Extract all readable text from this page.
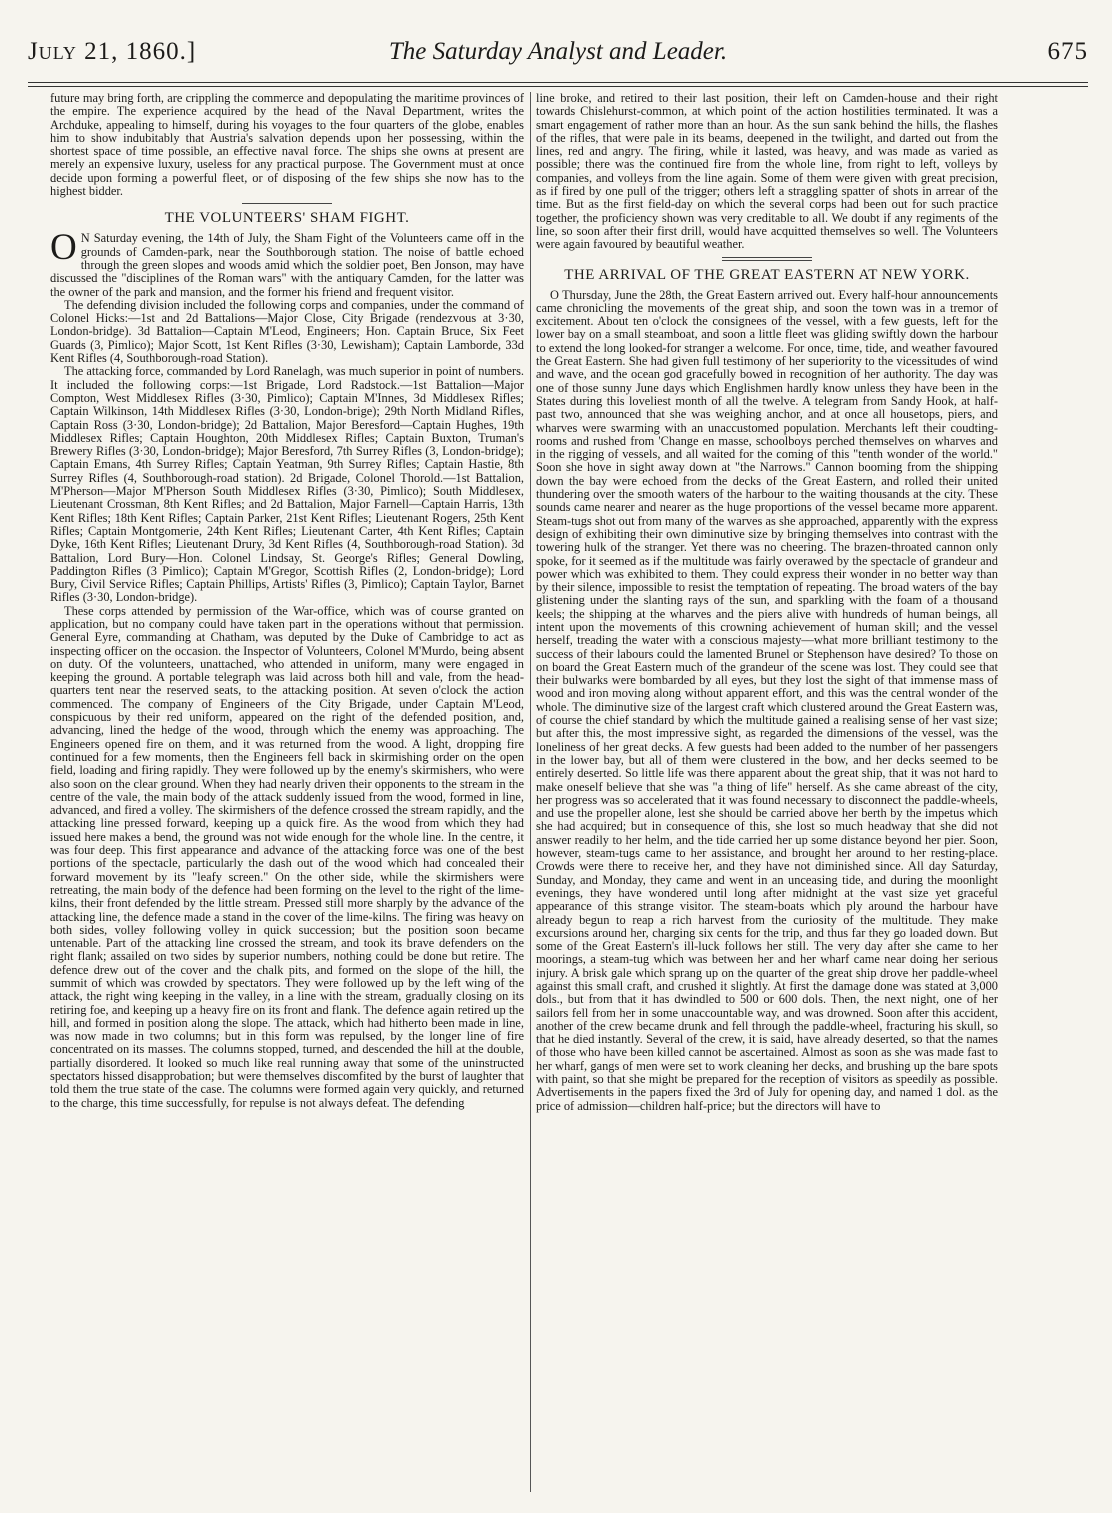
July 21, 1860.]	The Saturday Analyst and Leader.	675

future may bring forth, are crippling the commerce and depopulating the maritime provinces of the empire. The experience acquired by the head of the Naval Department, writes the Archduke, appealing to himself, during his voyages to the four quarters of the globe, enables him to show indubitably that Austria's salvation depends upon her possessing, within the shortest space of time possible, an effective naval force. The ships she owns at present are merely an expensive luxury, useless for any practical purpose. The Government must at once decide upon forming a powerful fleet, or of disposing of the few ships she now has to the highest bidder.

THE VOLUNTEERS' SHAM FIGHT.

O N Saturday evening, the 14th of July, the Sham Fight of the Volunteers came off in the grounds of Camden-park, near the Southborough station. The noise of battle echoed through the green slopes and woods amid which the soldier poet, Ben Jonson, may have discussed the "disciplines of the Roman wars" with the antiquary Camden, for the latter was the owner of the park and mansion, and the former his friend and frequent visitor.

The defending division included the following corps and companies, under the command of Colonel Hicks:—1st and 2d Battalions—Major Close, City Brigade (rendezvous at 3·30, London-bridge). 3d Battalion—Captain M'Leod, Engineers; Hon. Captain Bruce, Six Feet Guards (3, Pimlico); Major Scott, 1st Kent Rifles (3·30, Lewisham); Captain Lamborde, 33d Kent Rifles (4, Southborough-road Station).

The attacking force, commanded by Lord Ranelagh, was much superior in point of numbers. It included the following corps:—1st Brigade, Lord Radstock.—1st Battalion—Major Compton, West Middlesex Rifles (3·30, Pimlico); Captain M'Innes, 3d Middlesex Rifles; Captain Wilkinson, 14th Middlesex Rifles (3·30, London-brige); 29th North Midland Rifles, Captain Ross (3·30, London-bridge); 2d Battalion, Major Beresford—Captain Hughes, 19th Middlesex Rifles; Captain Houghton, 20th Middlesex Rifles; Captain Buxton, Truman's Brewery Rifles (3·30, London-bridge); Major Beresford, 7th Surrey Rifles (3, London-bridge); Captain Emans, 4th Surrey Rifles; Captain Yeatman, 9th Surrey Rifles; Captain Hastie, 8th Surrey Rifles (4, Southborough-road station). 2d Brigade, Colonel Thorold.—1st Battalion, M'Pherson—Major M'Pherson South Middlesex Rifles (3·30, Pimlico); South Middlesex, Lieutenant Crossman, 8th Kent Rifles; and 2d Battalion, Major Farnell—Captain Harris, 13th Kent Rifles; 18th Kent Rifles; Captain Parker, 21st Kent Rifles; Lieutenant Rogers, 25th Kent Rifles; Captain Montgomerie, 24th Kent Rifles; Lieutenant Carter, 4th Kent Rifles; Captain Dyke, 16th Kent Rifles; Lieutenant Drury, 3d Kent Rifles (4, Southborough-road Station). 3d Battalion, Lord Bury—Hon. Colonel Lindsay, St. George's Rifles; General Dowling, Paddington Rifles (3 Pimlico); Captain M'Gregor, Scottish Rifles (2, London-bridge); Lord Bury, Civil Service Rifles; Captain Phillips, Artists' Rifles (3, Pimlico); Captain Taylor, Barnet Rifles (3·30, London-bridge).

These corps attended by permission of the War-office, which was of course granted on application, but no company could have taken part in the operations without that permission. General Eyre, commanding at Chatham, was deputed by the Duke of Cambridge to act as inspecting officer on the occasion. the Inspector of Volunteers, Colonel M'Murdo, being absent on duty. Of the volunteers, unattached, who attended in uniform, many were engaged in keeping the ground. A portable telegraph was laid across both hill and vale, from the head-quarters tent near the reserved seats, to the attacking position. At seven o'clock the action commenced. The company of Engineers of the City Brigade, under Captain M'Leod, conspicuous by their red uniform, appeared on the right of the defended position, and, advancing, lined the hedge of the wood, through which the enemy was approaching. The Engineers opened fire on them, and it was returned from the wood. A light, dropping fire continued for a few moments, then the Engineers fell back in skirmishing order on the open field, loading and firing rapidly. They were followed up by the enemy's skirmishers, who were also soon on the clear ground. When they had nearly driven their opponents to the stream in the centre of the vale, the main body of the attack suddenly issued from the wood, formed in line, advanced, and fired a volley. The skirmishers of the defence crossed the stream rapidly, and the attacking line pressed forward, keeping up a quick fire. As the wood from which they had issued here makes a bend, the ground was not wide enough for the whole line. In the centre, it was four deep. This first appearance and advance of the attacking force was one of the best portions of the spectacle, particularly the dash out of the wood which had concealed their forward movement by its "leafy screen." On the other side, while the skirmishers were retreating, the main body of the defence had been forming on the level to the right of the lime-kilns, their front defended by the little stream. Pressed still more sharply by the advance of the attacking line, the defence made a stand in the cover of the lime-kilns. The firing was heavy on both sides, volley following volley in quick succession; but the position soon became untenable. Part of the attacking line crossed the stream, and took its brave defenders on the right flank; assailed on two sides by superior numbers, nothing could be done but retire. The defence drew out of the cover and the chalk pits, and formed on the slope of the hill, the summit of which was crowded by spectators. They were followed up by the left wing of the attack, the right wing keeping in the valley, in a line with the stream, gradually closing on its retiring foe, and keeping up a heavy fire on its front and flank. The defence again retired up the hill, and formed in position along the slope. The attack, which had hitherto been made in line, was now made in two columns; but in this form was repulsed, by the longer line of fire concentrated on its masses. The columns stopped, turned, and descended the hill at the double, partially disordered. It looked so much like real running away that some of the uninstructed spectators hissed disapprobation; but were themselves discomfited by the burst of laughter that told them the true state of the case. The columns were formed again very quickly, and returned to the charge, this time successfully, for repulse is not always defeat. The defending

line broke, and retired to their last position, their left on Camden-house and their right towards Chislehurst-common, at which point of the action hostilities terminated. It was a smart engagement of rather more than an hour. As the sun sank behind the hills, the flashes of the rifles, that were pale in its beams, deepened in the twilight, and darted out from the lines, red and angry. The firing, while it lasted, was heavy, and was made as varied as possible; there was the continued fire from the whole line, from right to left, volleys by companies, and volleys from the line again. Some of them were given with great precision, as if fired by one pull of the trigger; others left a straggling spatter of shots in arrear of the time. But as the first field-day on which the several corps had been out for such practice together, the proficiency shown was very creditable to all. We doubt if any regiments of the line, so soon after their first drill, would have acquitted themselves so well. The Volunteers were again favoured by beautiful weather.

THE ARRIVAL OF THE GREAT EASTERN AT NEW YORK.

O Thursday, June the 28th, the Great Eastern arrived out. Every half-hour announcements came chronicling the movements of the great ship, and soon the town was in a tremor of excitement. About ten o'clock the consignees of the vessel, with a few guests, left for the lower bay on a small steamboat, and soon a little fleet was gliding swiftly down the harbour to extend the long looked-for stranger a welcome. For once, time, tide, and weather favoured the Great Eastern. She had given full testimony of her superiority to the vicessitudes of wind and wave, and the ocean god gracefully bowed in recognition of her authority. The day was one of those sunny June days which Englishmen hardly know unless they have been in the States during this loveliest month of all the twelve. A telegram from Sandy Hook, at half-past two, announced that she was weighing anchor, and at once all housetops, piers, and wharves were swarming with an unaccustomed population. Merchants left their coudting-rooms and rushed from 'Change en masse, schoolboys perched themselves on wharves and in the rigging of vessels, and all waited for the coming of this "tenth wonder of the world." Soon she hove in sight away down at "the Narrows." Cannon booming from the shipping down the bay were echoed from the decks of the Great Eastern, and rolled their united thundering over the smooth waters of the harbour to the waiting thousands at the city. These sounds came nearer and nearer as the huge proportions of the vessel became more apparent. Steam-tugs shot out from many of the warves as she approached, apparently with the express design of exhibiting their own diminutive size by bringing themselves into contrast with the towering hulk of the stranger. Yet there was no cheering. The brazen-throated cannon only spoke, for it seemed as if the multitude was fairly overawed by the spectacle of grandeur and power which was exhibited to them. They could express their wonder in no better way than by their silence, impossible to resist the temptation of repeating. The broad waters of the bay glistening under the slanting rays of the sun, and sparkling with the foam of a thousand keels; the shipping at the wharves and the piers alive with hundreds of human beings, all intent upon the movements of this crowning achievement of human skill; and the vessel herself, treading the water with a conscious majesty—what more brilliant testimony to the success of their labours could the lamented Brunel or Stephenson have desired? To those on on board the Great Eastern much of the grandeur of the scene was lost. They could see that their bulwarks were bombarded by all eyes, but they lost the sight of that immense mass of wood and iron moving along without apparent effort, and this was the central wonder of the whole. The diminutive size of the largest craft which clustered around the Great Eastern was, of course the chief standard by which the multitude gained a realising sense of her vast size; but after this, the most impressive sight, as regarded the dimensions of the vessel, was the loneliness of her great decks. A few guests had been added to the number of her passengers in the lower bay, but all of them were clustered in the bow, and her decks seemed to be entirely deserted. So little life was there apparent about the great ship, that it was not hard to make oneself believe that she was "a thing of life" herself. As she came abreast of the city, her progress was so accelerated that it was found necessary to disconnect the paddle-wheels, and use the propeller alone, lest she should be carried above her berth by the impetus which she had acquired; but in consequence of this, she lost so much headway that she did not answer readily to her helm, and the tide carried her up some distance beyond her pier. Soon, however, steam-tugs came to her assistance, and brought her around to her resting-place. Crowds were there to receive her, and they have not diminished since. All day Saturday, Sunday, and Monday, they came and went in an unceasing tide, and during the moonlight evenings, they have wondered until long after midnight at the vast size yet graceful appearance of this strange visitor. The steam-boats which ply around the harbour have already begun to reap a rich harvest from the curiosity of the multitude. They make excursions around her, charging six cents for the trip, and thus far they go loaded down. But some of the Great Eastern's ill-luck follows her still. The very day after she came to her moorings, a steam-tug which was between her and her wharf came near doing her serious injury. A brisk gale which sprang up on the quarter of the great ship drove her paddle-wheel against this small craft, and crushed it slightly. At first the damage done was stated at 3,000 dols., but from that it has dwindled to 500 or 600 dols. Then, the next night, one of her sailors fell from her in some unaccountable way, and was drowned. Soon after this accident, another of the crew became drunk and fell through the paddle-wheel, fracturing his skull, so that he died instantly. Several of the crew, it is said, have already deserted, so that the names of those who have been killed cannot be ascertained. Almost as soon as she was made fast to her wharf, gangs of men were set to work cleaning her decks, and brushing up the bare spots with paint, so that she might be prepared for the reception of visitors as speedily as possible. Advertisements in the papers fixed the 3rd of July for opening day, and named 1 dol. as the price of admission—children half-price; but the directors will have to
